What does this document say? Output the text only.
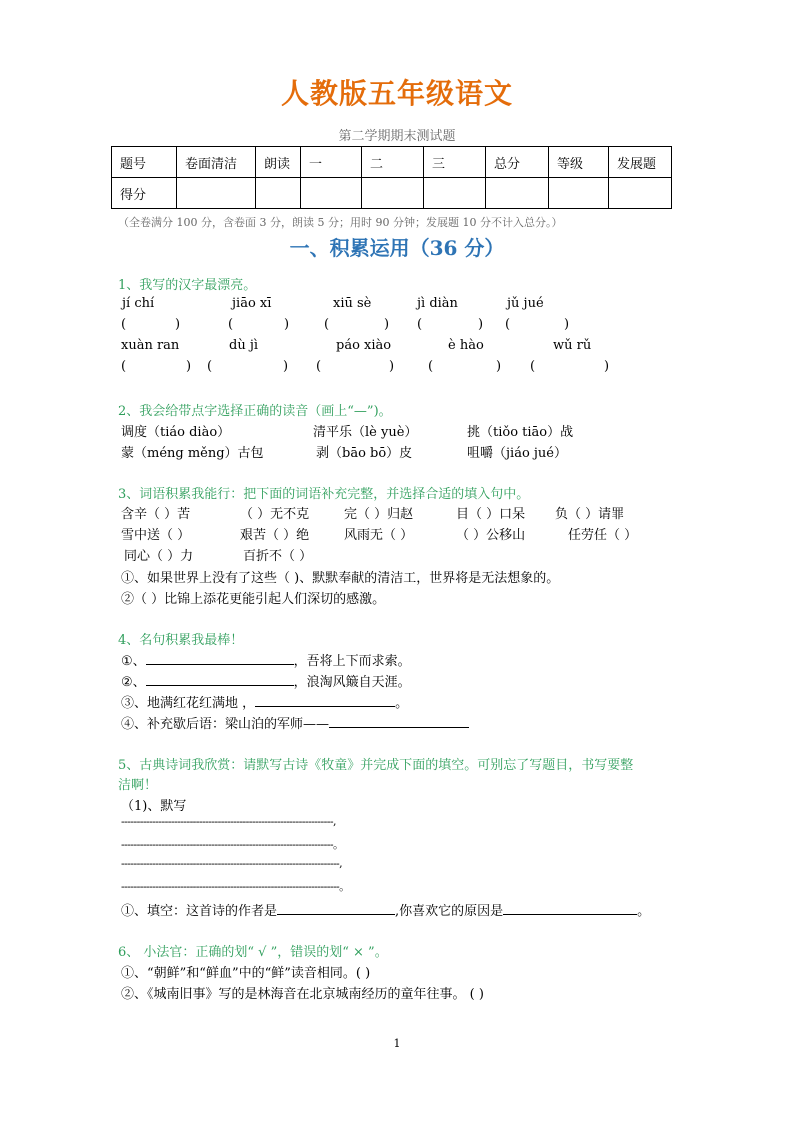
人教版五年级语文
第二学期期末测试题
题号	卷面清洁	朗读	一	二	三	总分	等级	发展题
得分								
（全卷满分 100 分，含卷面 3 分，朗读 5 分；用时 90 分钟；发展题 10 分不计入总分。）
一、积累运用（36 分）
1、我写的汉字最漂亮。
jí chí	jiāo xī	xiū sè	jì diàn	jǔ jué
(	)	(	)	(	) (	) (	)
xuàn ran	dù jì	páo xiào	è hào	wǔ rǔ
(	) (	) (	)	(	) (	)
2、我会给带点字选择正确的读音（画上“—”)。
调度（tiáo diào）	清平乐（lè yuè）	挑（tiǒo tiāo）战
蒙（méng měng）古包	剥（bāo bō）皮	咀嚼（jiáo jué）
3、词语积累我能行：把下面的词语补充完整，并选择合适的填入句中。
含辛（ ）苦	（ ）无不克	完（ ）归赵	目（ ）口呆 负（ ）请罪
雪中送（ ）	艰苦（ ）绝	风雨无（ ）	（ ）公移山	任劳任（ ）
同心（ ）力	百折不（ ）
①、如果世界上没有了这些（ )、默默奉献的清洁工，世界将是无法想象的。
②（ ）比锦上添花更能引起人们深切的感激。
4、名句积累我最棒！
①、	，吾将上下而求索。
②、	，浪淘风簸自天涯。
③、地满红花红满地 ，	。
④、补充歇后语：梁山泊的军师——
5、古典诗词我欣赏：请默写古诗《牧童》并完成下面的填空。可别忘了写题目，书写要整
洁啊！
（1)、默写
--------------------------------------------------------------------,
--------------------------------------------------------------------。
----------------------------------------------------------------------,
----------------------------------------------------------------------。
①、填空：这首诗的作者是	,你喜欢它的原因是	。
6、 小法官：正确的划“ √ ”，错误的划“ × ”。
①、“朝鲜”和“鲜血”中的“鲜”读音相同。( )
②、《城南旧事》写的是林海音在北京城南经历的童年往事。 ( )
1
